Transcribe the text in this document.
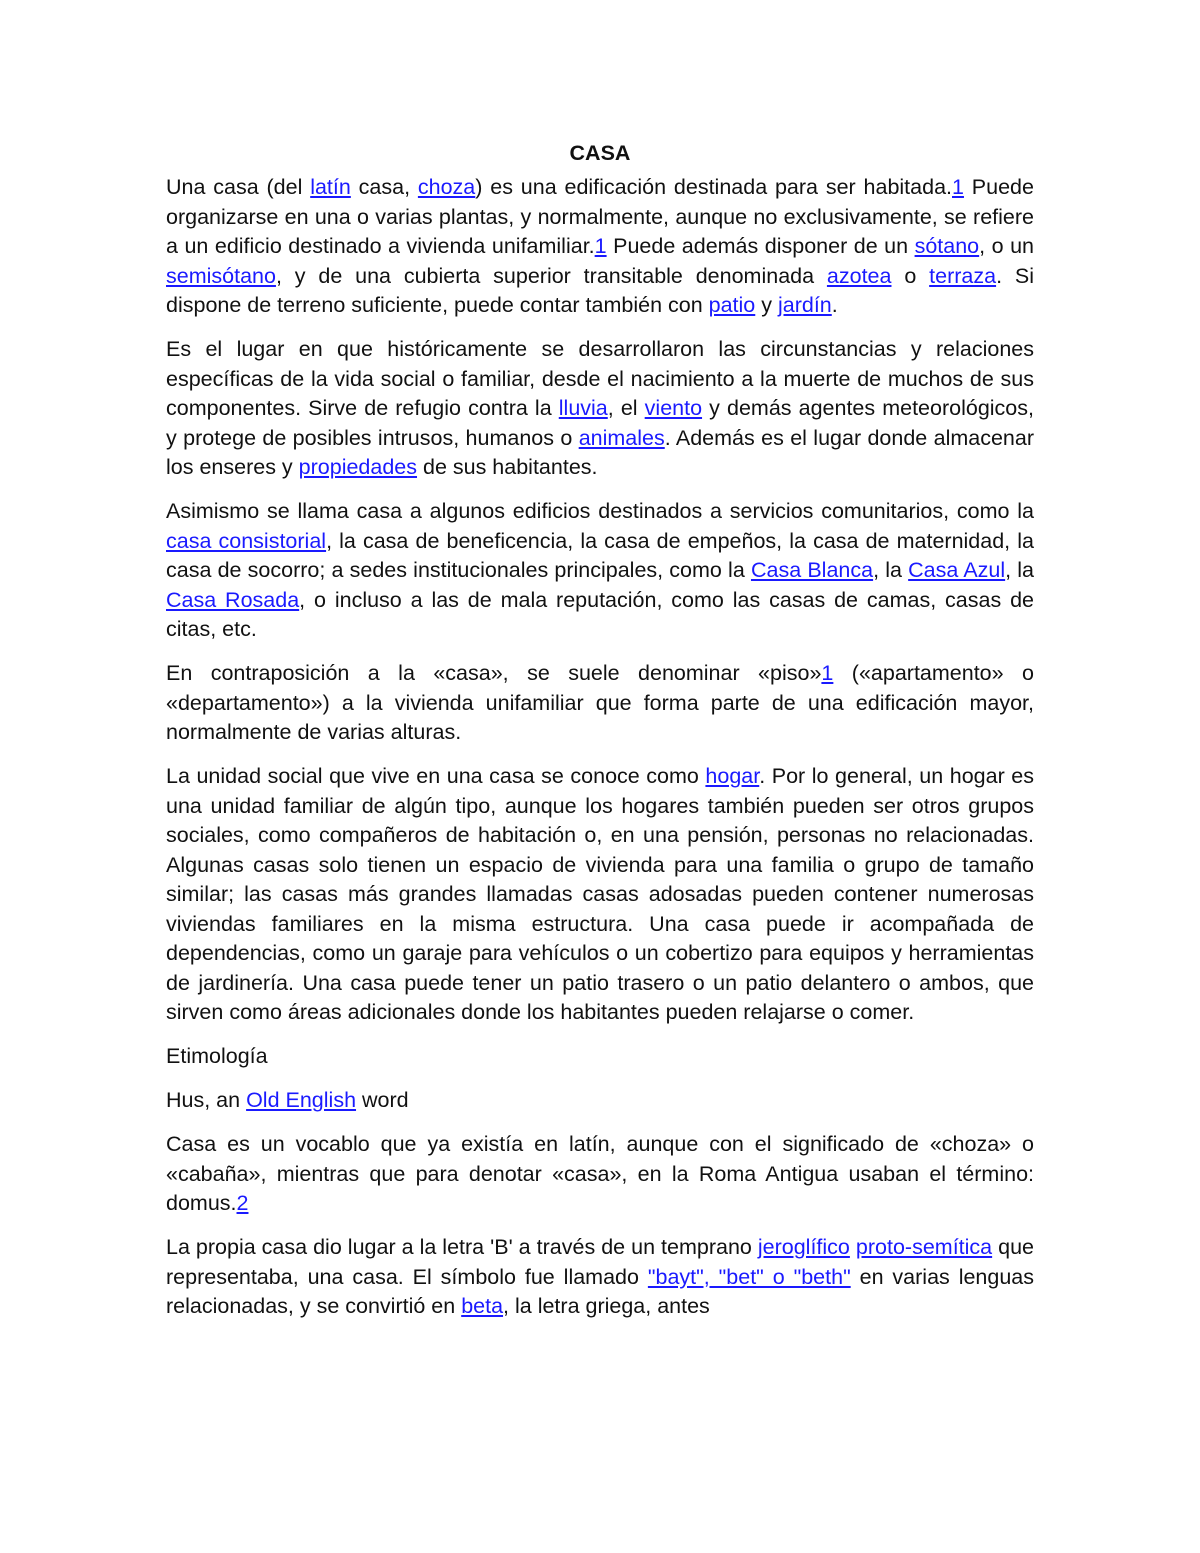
CASA

Una casa (del latín casa, choza) es una edificación destinada para ser habitada.1 Puede organizarse en una o varias plantas, y normalmente, aunque no exclusivamente, se refiere a un edificio destinado a vivienda unifamiliar.1 Puede además disponer de un sótano, o un semisótano, y de una cubierta superior transitable denominada azotea o terraza. Si dispone de terreno suficiente, puede contar también con patio y jardín.

Es el lugar en que históricamente se desarrollaron las circunstancias y relaciones específicas de la vida social o familiar, desde el nacimiento a la muerte de muchos de sus componentes. Sirve de refugio contra la lluvia, el viento y demás agentes meteorológicos, y protege de posibles intrusos, humanos o animales. Además es el lugar donde almacenar los enseres y propiedades de sus habitantes.

Asimismo se llama casa a algunos edificios destinados a servicios comunitarios, como la casa consistorial, la casa de beneficencia, la casa de empeños, la casa de maternidad, la casa de socorro; a sedes institucionales principales, como la Casa Blanca, la Casa Azul, la Casa Rosada, o incluso a las de mala reputación, como las casas de camas, casas de citas, etc.

En contraposición a la «casa», se suele denominar «piso»1 («apartamento» o «departamento») a la vivienda unifamiliar que forma parte de una edificación mayor, normalmente de varias alturas.

La unidad social que vive en una casa se conoce como hogar. Por lo general, un hogar es una unidad familiar de algún tipo, aunque los hogares también pueden ser otros grupos sociales, como compañeros de habitación o, en una pensión, personas no relacionadas. Algunas casas solo tienen un espacio de vivienda para una familia o grupo de tamaño similar; las casas más grandes llamadas casas adosadas pueden contener numerosas viviendas familiares en la misma estructura. Una casa puede ir acompañada de dependencias, como un garaje para vehículos o un cobertizo para equipos y herramientas de jardinería. Una casa puede tener un patio trasero o un patio delantero o ambos, que sirven como áreas adicionales donde los habitantes pueden relajarse o comer.

Etimología

Hus, an Old English word

Casa es un vocablo que ya existía en latín, aunque con el significado de «choza» o «cabaña», mientras que para denotar «casa», en la Roma Antigua usaban el término: domus.2

La propia casa dio lugar a la letra 'B' a través de un temprano jeroglífico proto-semítica que representaba, una casa. El símbolo fue llamado "bayt", "bet" o "beth" en varias lenguas relacionadas, y se convirtió en beta, la letra griega, antes
